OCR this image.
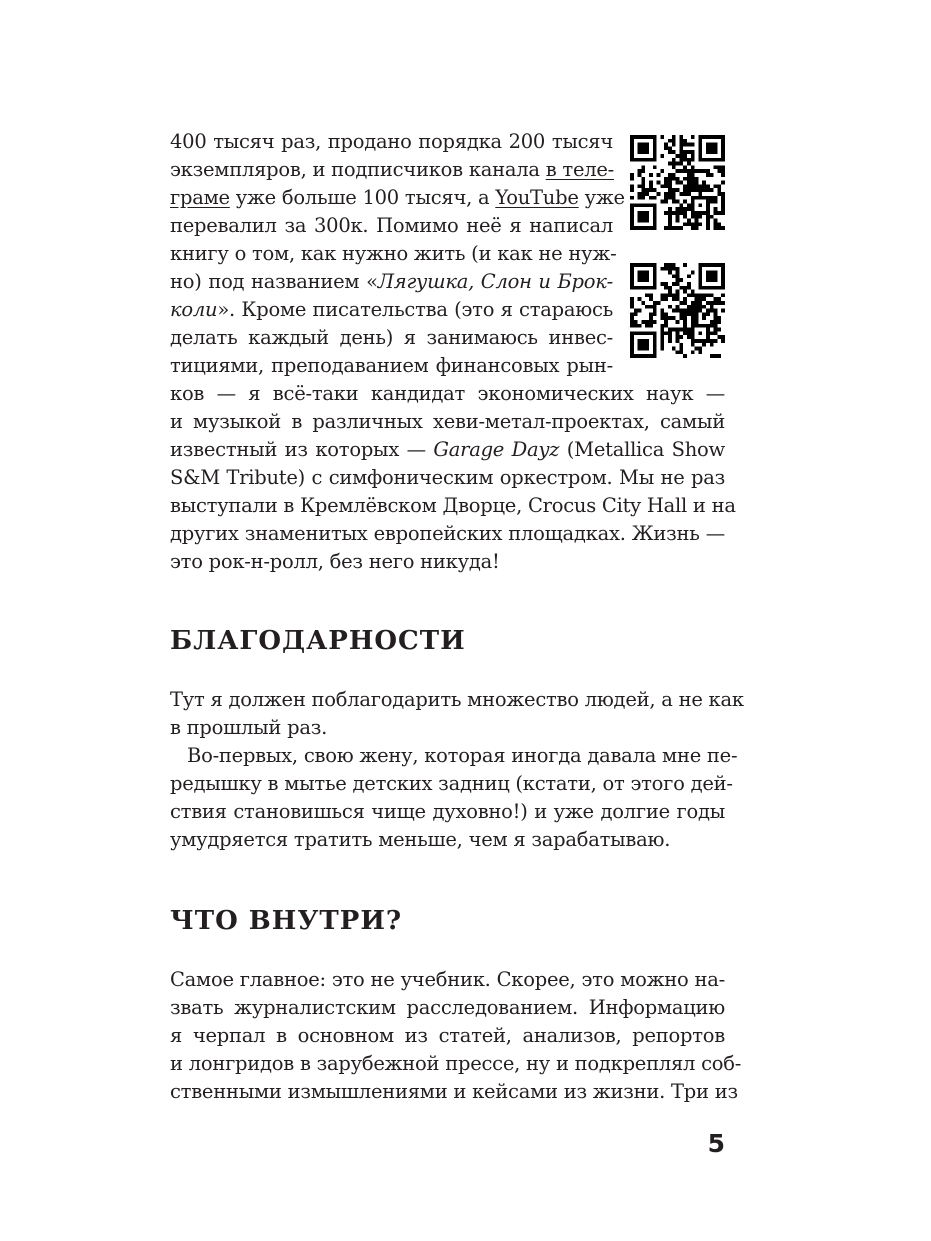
400 тысяч раз, продано порядка 200 тысяч
экземпляров, и подписчиков канала в теле-
граме уже больше 100 тысяч, а YouTube уже
перевалил за 300к. Помимо неё я написал
книгу о том, как нужно жить (и как не нуж-
но) под названием «Лягушка, Слон и Брок-
коли». Кроме писательства (это я стараюсь
делать каждый день) я занимаюсь инвес-
тициями, преподаванием финансовых рын-
ков — я всё-таки кандидат экономических наук —
и музыкой в различных хеви-метал-проектах, самый
известный из которых — Garage Dayz (Metallica Show
S&M Tribute) с симфоническим оркестром. Мы не раз
выступали в Кремлёвском Дворце, Crocus City Hall и на
других знаменитых европейских площадках. Жизнь —
это рок-н-ролл, без него никуда!
БЛАГОДАРНОСТИ
Тут я должен поблагодарить множество людей, а не как
в прошлый раз.
Во-первых, свою жену, которая иногда давала мне пе-
редышку в мытье детских задниц (кстати, от этого дей-
ствия становишься чище духовно!) и уже долгие годы
умудряется тратить меньше, чем я зарабатываю.
ЧТО ВНУТРИ?
Самое главное: это не учебник. Скорее, это можно на-
звать журналистским расследованием. Информацию
я черпал в основном из статей, анализов, репортов
и лонгридов в зарубежной прессе, ну и подкреплял соб-
ственными измышлениями и кейсами из жизни. Три из
5
